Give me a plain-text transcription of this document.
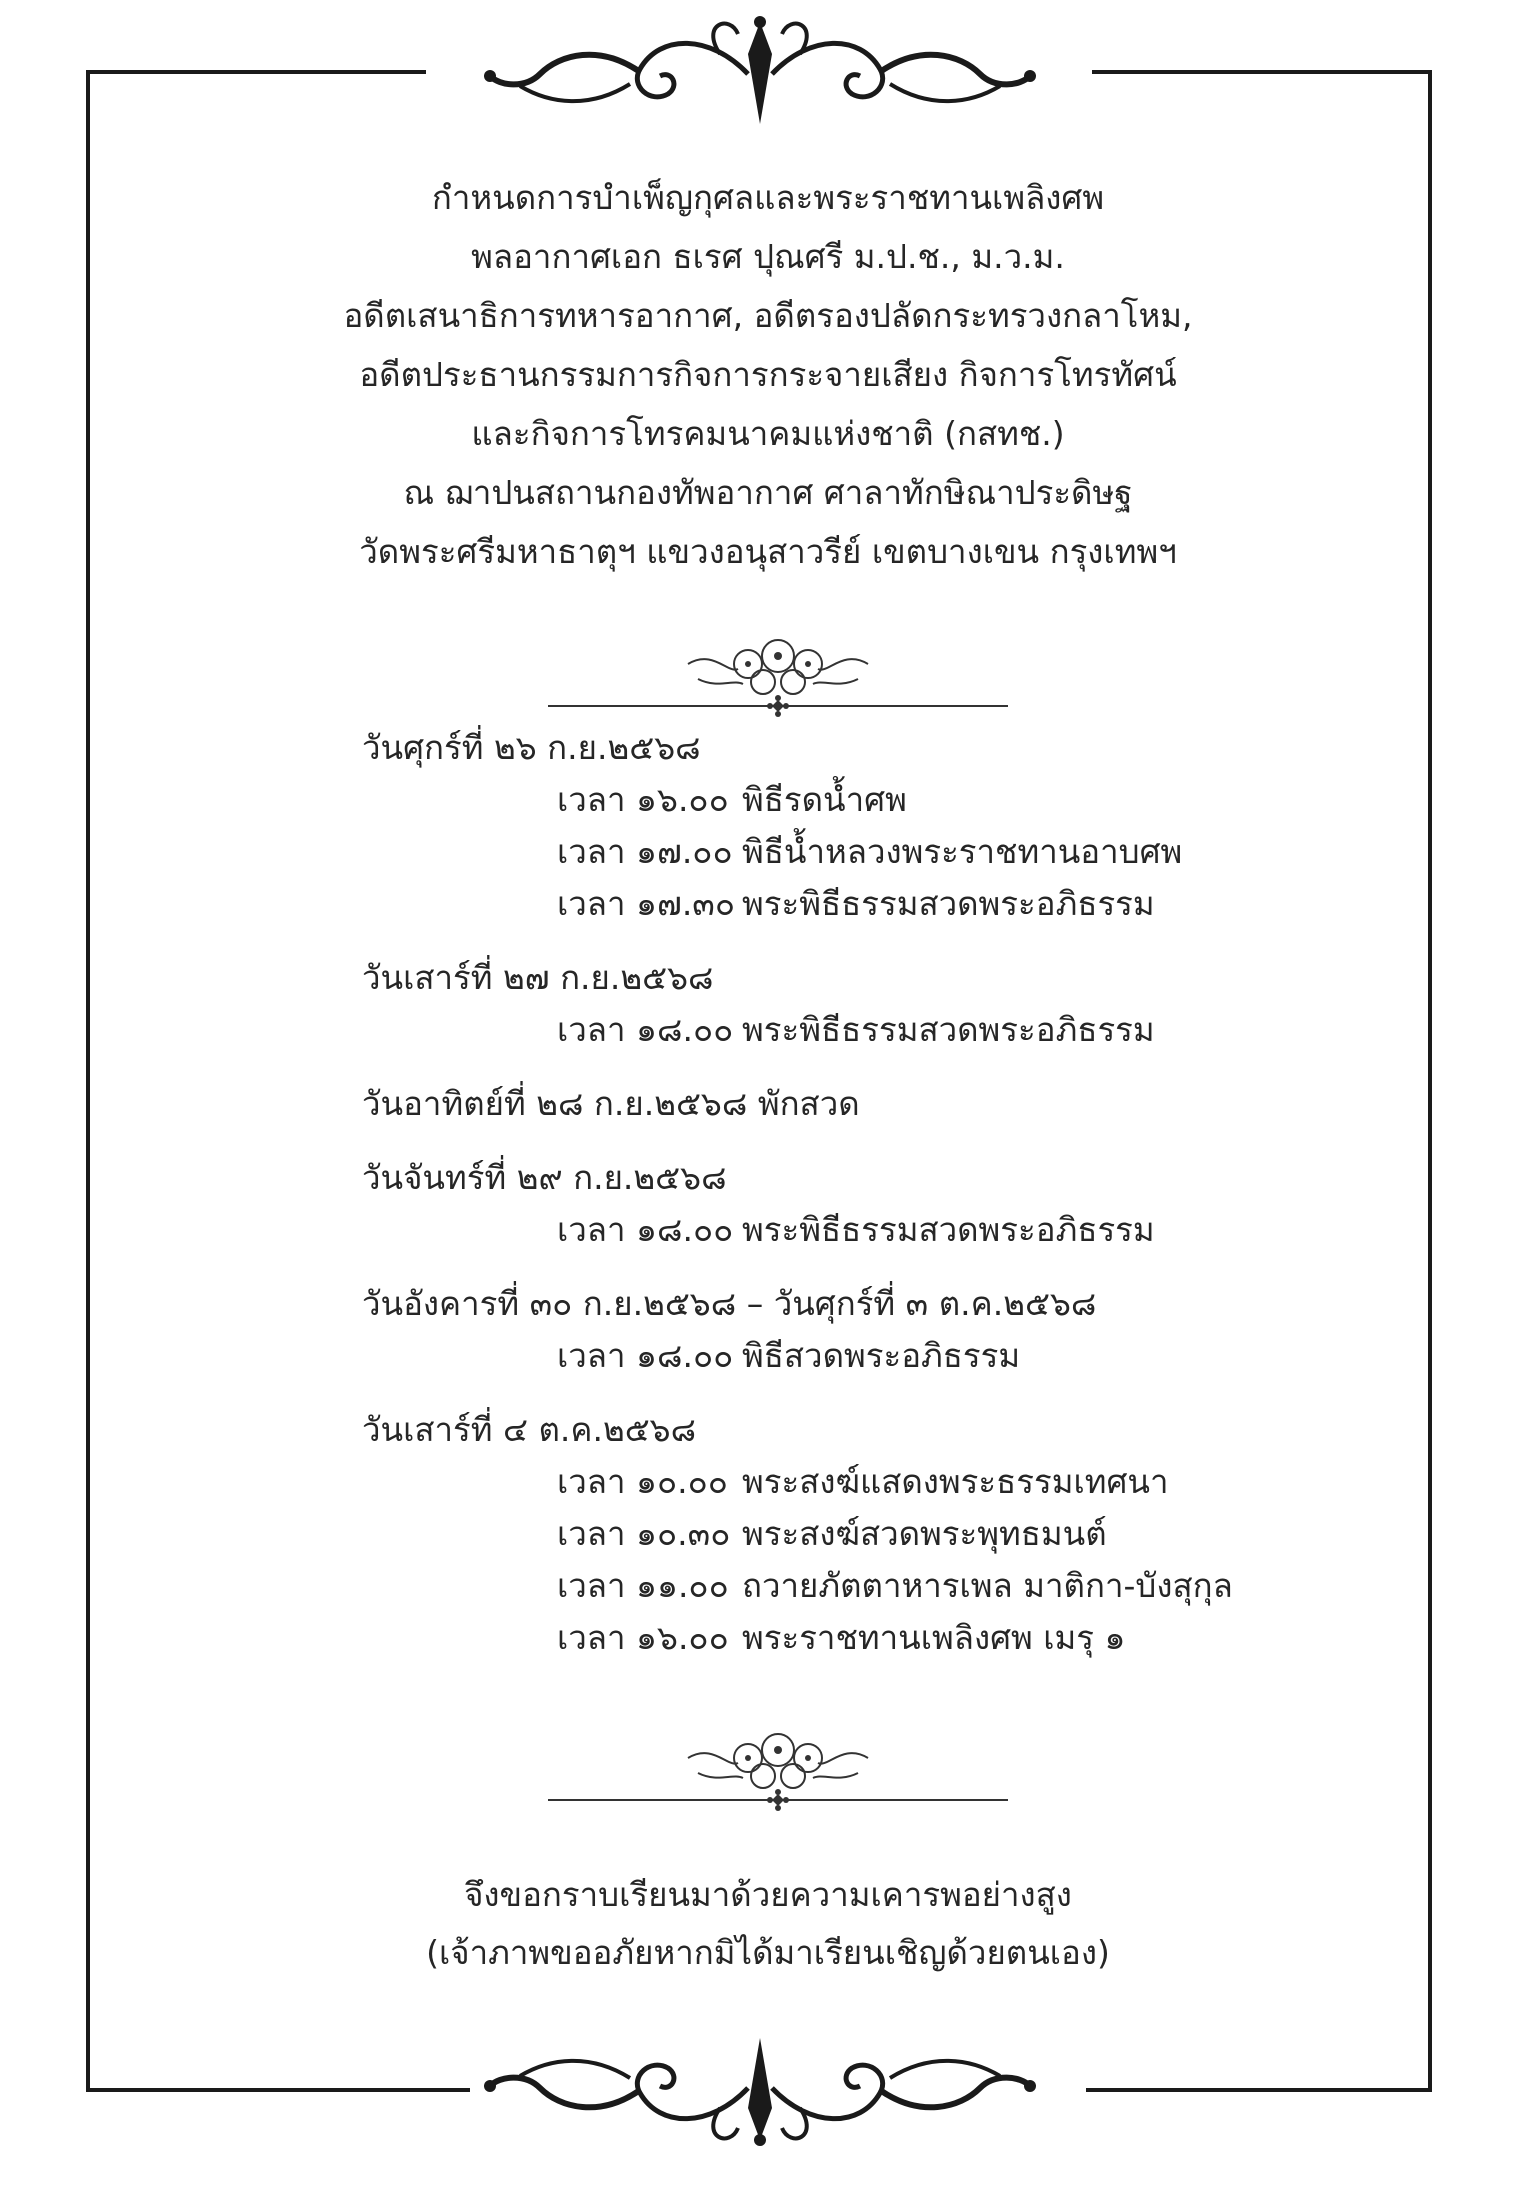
กำหนดการบำเพ็ญกุศลและพระราชทานเพลิงศพ
พลอากาศเอก ธเรศ ปุณศรี ม.ป.ช., ม.ว.ม.
อดีตเสนาธิการทหารอากาศ, อดีตรองปลัดกระทรวงกลาโหม,
อดีตประธานกรรมการกิจการกระจายเสียง กิจการโทรทัศน์
และกิจการโทรคมนาคมแห่งชาติ (กสทช.)
ณ ฌาปนสถานกองทัพอากาศ ศาลาทักษิณาประดิษฐ
วัดพระศรีมหาธาตุฯ แขวงอนุสาวรีย์ เขตบางเขน กรุงเทพฯ
วันศุกร์ที่ ๒๖ ก.ย.๒๕๖๘
เวลา ๑๖.๐๐ พิธีรดน้ำศพ
เวลา ๑๗.๐๐ พิธีน้ำหลวงพระราชทานอาบศพ
เวลา ๑๗.๓๐ พระพิธีธรรมสวดพระอภิธรรม
วันเสาร์ที่ ๒๗ ก.ย.๒๕๖๘
เวลา ๑๘.๐๐ พระพิธีธรรมสวดพระอภิธรรม
วันอาทิตย์ที่ ๒๘ ก.ย.๒๕๖๘ พักสวด
วันจันทร์ที่ ๒๙ ก.ย.๒๕๖๘
เวลา ๑๘.๐๐ พระพิธีธรรมสวดพระอภิธรรม
วันอังคารที่ ๓๐ ก.ย.๒๕๖๘ – วันศุกร์ที่ ๓ ต.ค.๒๕๖๘
เวลา ๑๘.๐๐ พิธีสวดพระอภิธรรม
วันเสาร์ที่ ๔ ต.ค.๒๕๖๘
เวลา ๑๐.๐๐ พระสงฆ์แสดงพระธรรมเทศนา
เวลา ๑๐.๓๐ พระสงฆ์สวดพระพุทธมนต์
เวลา ๑๑.๐๐ ถวายภัตตาหารเพล มาติกา-บังสุกุล
เวลา ๑๖.๐๐ พระราชทานเพลิงศพ เมรุ ๑
จึงขอกราบเรียนมาด้วยความเคารพอย่างสูง
(เจ้าภาพขออภัยหากมิได้มาเรียนเชิญด้วยตนเอง)
